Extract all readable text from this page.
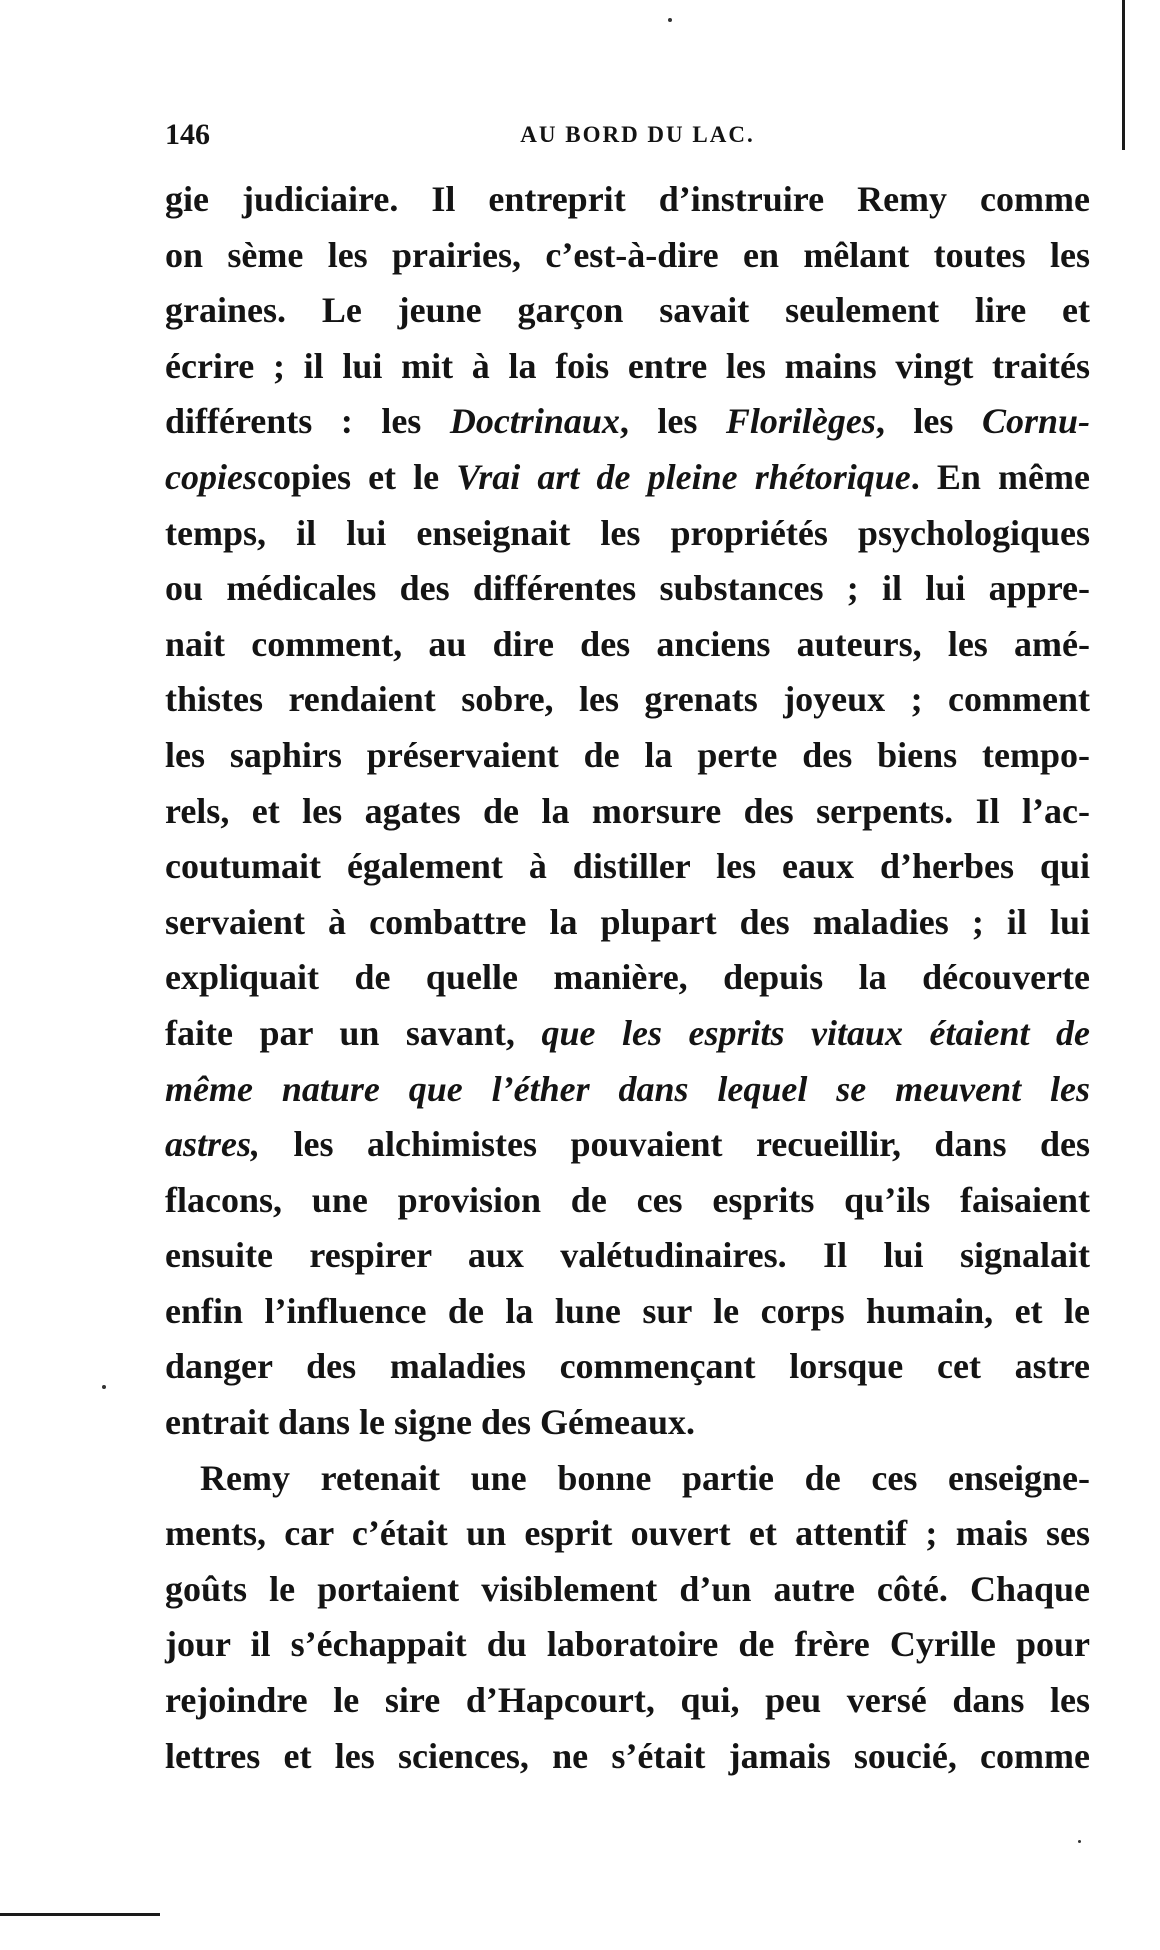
146	AU BORD DU LAC.
gie judiciaire. Il entreprit d’instruire Remy comme
on sème les prairies, c’est-à-dire en mêlant toutes les
graines. Le jeune garçon savait seulement lire et
écrire ; il lui mit à la fois entre les mains vingt traités
différents : les Doctrinaux, les Florilèges, les Cornu-
copiescopies et le Vrai art de pleine rhétorique. En même
temps, il lui enseignait les propriétés psychologiques
ou médicales des différentes substances ; il lui appre-
nait comment, au dire des anciens auteurs, les amé-
thistes rendaient sobre, les grenats joyeux ; comment
les saphirs préservaient de la perte des biens tempo-
rels, et les agates de la morsure des serpents. Il l’ac-
coutumait également à distiller les eaux d’herbes qui
servaient à combattre la plupart des maladies ; il lui
expliquait de quelle manière, depuis la découverte
faite par un savant, que les esprits vitaux étaient de
même nature que l’éther dans lequel se meuvent les
astres, les alchimistes pouvaient recueillir, dans des
flacons, une provision de ces esprits qu’ils faisaient
ensuite respirer aux valétudinaires. Il lui signalait
enfin l’influence de la lune sur le corps humain, et le
danger des maladies commençant lorsque cet astre
entrait dans le signe des Gémeaux.
Remy retenait une bonne partie de ces enseigne-
ments, car c’était un esprit ouvert et attentif ; mais ses
goûts le portaient visiblement d’un autre côté. Chaque
jour il s’échappait du laboratoire de frère Cyrille pour
rejoindre le sire d’Hapcourt, qui, peu versé dans les
lettres et les sciences, ne s’était jamais soucié, comme
